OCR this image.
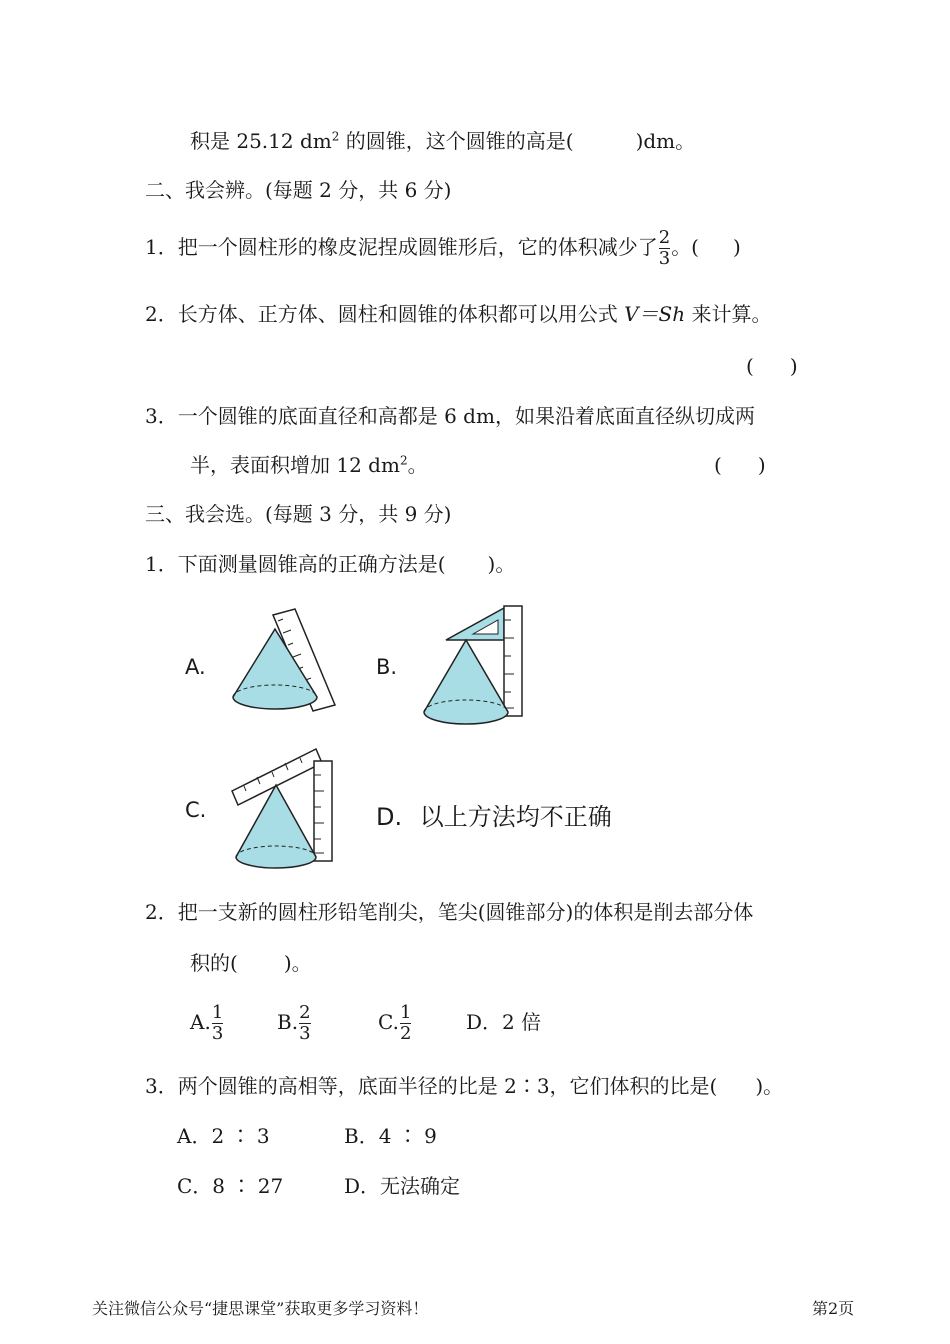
积是 25.12 $dm^2$ 的圆锥，这个圆锥的高是(	)dm。
二、我会辨。(每题 2 分，共 6 分)
1．把一个圆柱形的橡皮泥捏成圆锥形后，它的体积减少了 $\frac{2}{3}$ 。( )
2．长方体、正方体、圆柱和圆锥的体积都可以用公式 V＝Sh 来计算。
( )
3．一个圆锥的底面直径和高都是 6 dm，如果沿着底面直径纵切成两
半，表面积增加 12 $dm^2$。	( )
三、我会选。(每题 3 分，共 9 分)
1．下面测量圆锥高的正确方法是( )。
A.	B.
C.	D. 以上方法均不正确
2．把一支新的圆柱形铅笔削尖，笔尖(圆锥部分)的体积是削去部分体
积的( )。
A. $\frac{1}{3}$	B. $\frac{2}{3}$	C. $\frac{1}{2}$	D．2 倍
3．两个圆锥的高相等，底面半径的比是 2∶3，它们体积的比是( )。
A．2 ∶ 3	B．4 ∶ 9
C．8 ∶ 27	D．无法确定
关注微信公众号“捷思课堂”获取更多学习资料！	第2页
